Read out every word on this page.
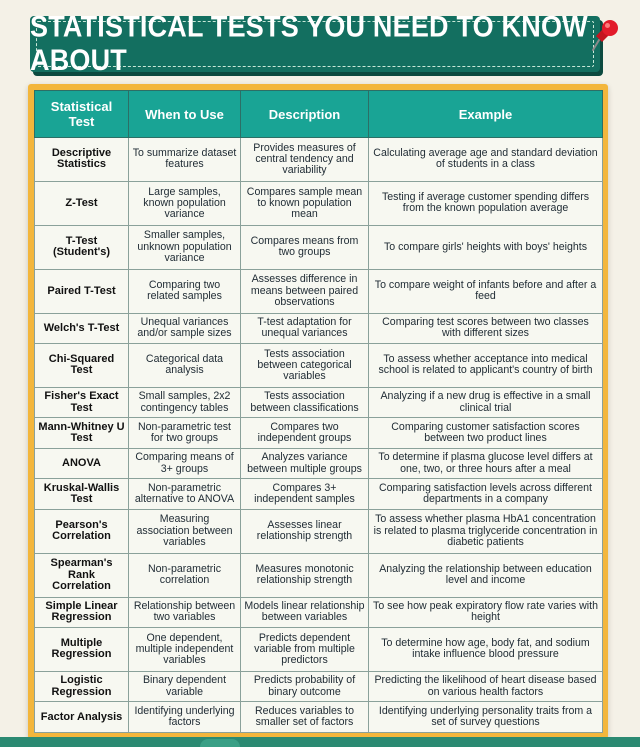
STATISTICAL TESTS YOU NEED TO KNOW ABOUT
Statistical Test	When to Use	Description	Example
Descriptive Statistics	To summarize dataset features	Provides measures of central tendency and variability	Calculating average age and standard deviation of students in a class
Z-Test	Large samples, known population variance	Compares sample mean to known population mean	Testing if average customer spending differs from the known population average
T-Test (Student's)	Smaller samples, unknown population variance	Compares means from two groups	To compare girls' heights with boys' heights
Paired T-Test	Comparing two related samples	Assesses difference in means between paired observations	To compare weight of infants before and after a feed
Welch's T-Test	Unequal variances and/or sample sizes	T-test adaptation for unequal variances	Comparing test scores between two classes with different sizes
Chi-Squared Test	Categorical data analysis	Tests association between categorical variables	To assess whether acceptance into medical school is related to applicant's country of birth
Fisher's Exact Test	Small samples, 2x2 contingency tables	Tests association between classifications	Analyzing if a new drug is effective in a small clinical trial
Mann-Whitney U Test	Non-parametric test for two groups	Compares two independent groups	Comparing customer satisfaction scores between two product lines
ANOVA	Comparing means of 3+ groups	Analyzes variance between multiple groups	To determine if plasma glucose level differs at one, two, or three hours after a meal
Kruskal-Wallis Test	Non-parametric alternative to ANOVA	Compares 3+ independent samples	Comparing satisfaction levels across different departments in a company
Pearson's Correlation	Measuring association between variables	Assesses linear relationship strength	To assess whether plasma HbA1 concentration is related to plasma triglyceride concentration in diabetic patients
Spearman's Rank Correlation	Non-parametric correlation	Measures monotonic relationship strength	Analyzing the relationship between education level and income
Simple Linear Regression	Relationship between two variables	Models linear relationship between variables	To see how peak expiratory flow rate varies with height
Multiple Regression	One dependent, multiple independent variables	Predicts dependent variable from multiple predictors	To determine how age, body fat, and sodium intake influence blood pressure
Logistic Regression	Binary dependent variable	Predicts probability of binary outcome	Predicting the likelihood of heart disease based on various health factors
Factor Analysis	Identifying underlying factors	Reduces variables to smaller set of factors	Identifying underlying personality traits from a set of survey questions
